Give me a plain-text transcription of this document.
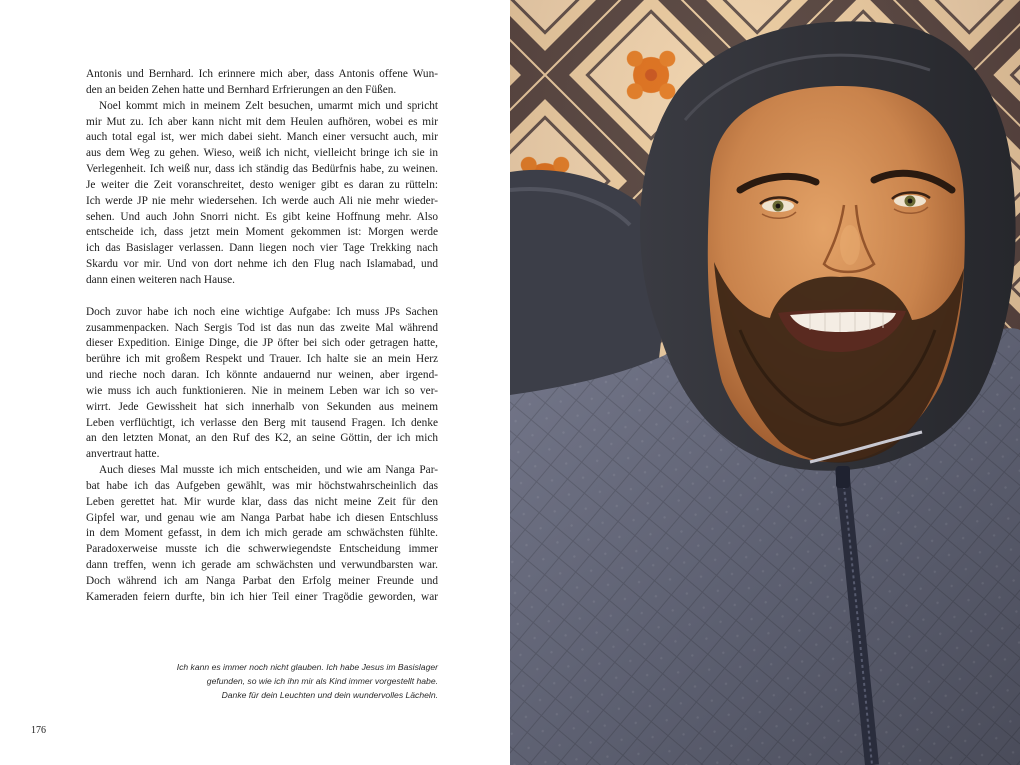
Antonis und Bernhard. Ich erinnere mich aber, dass Antonis offene Wun-
den an beiden Zehen hatte und Bernhard Erfrierungen an den Füßen.
Noel kommt mich in meinem Zelt besuchen, umarmt mich und spricht
mir Mut zu. Ich aber kann nicht mit dem Heulen aufhören, wobei es mir
auch total egal ist, wer mich dabei sieht. Manch einer versucht auch, mir
aus dem Weg zu gehen. Wieso, weiß ich nicht, vielleicht bringe ich sie in
Verlegenheit. Ich weiß nur, dass ich ständig das Bedürfnis habe, zu weinen.
Je weiter die Zeit voranschreitet, desto weniger gibt es daran zu rütteln:
Ich werde JP nie mehr wiedersehen. Ich werde auch Ali nie mehr wieder-
sehen. Und auch John Snorri nicht. Es gibt keine Hoffnung mehr. Also
entscheide ich, dass jetzt mein Moment gekommen ist: Morgen werde
ich das Basislager verlassen. Dann liegen noch vier Tage Trekking nach
Skardu vor mir. Und von dort nehme ich den Flug nach Islamabad, und
dann einen weiteren nach Hause.
Doch zuvor habe ich noch eine wichtige Aufgabe: Ich muss JPs Sachen
zusammenpacken. Nach Sergis Tod ist das nun das zweite Mal während
dieser Expedition. Einige Dinge, die JP öfter bei sich oder getragen hatte,
berühre ich mit großem Respekt und Trauer. Ich halte sie an mein Herz
und rieche noch daran. Ich könnte andauernd nur weinen, aber irgend-
wie muss ich auch funktionieren. Nie in meinem Leben war ich so ver-
wirrt. Jede Gewissheit hat sich innerhalb von Sekunden aus meinem
Leben verflüchtigt, ich verlasse den Berg mit tausend Fragen. Ich denke
an den letzten Monat, an den Ruf des K2, an seine Göttin, der ich mich
anvertraut hatte.
Auch dieses Mal musste ich mich entscheiden, und wie am Nanga Par-
bat habe ich das Aufgeben gewählt, was mir höchstwahrscheinlich das
Leben gerettet hat. Mir wurde klar, dass das nicht meine Zeit für den
Gipfel war, und genau wie am Nanga Parbat habe ich diesen Entschluss
in dem Moment gefasst, in dem ich mich gerade am schwächsten fühlte.
Paradoxerweise musste ich die schwerwiegendste Entscheidung immer
dann treffen, wenn ich gerade am schwächsten und verwundbarsten war.
Doch während ich am Nanga Parbat den Erfolg meiner Freunde und
Kameraden feiern durfte, bin ich hier Teil einer Tragödie geworden, war
Ich kann es immer noch nicht glauben. Ich habe Jesus im Basislager
gefunden, so wie ich ihn mir als Kind immer vorgestellt habe.
Danke für dein Leuchten und dein wundervolles Lächeln.
176
